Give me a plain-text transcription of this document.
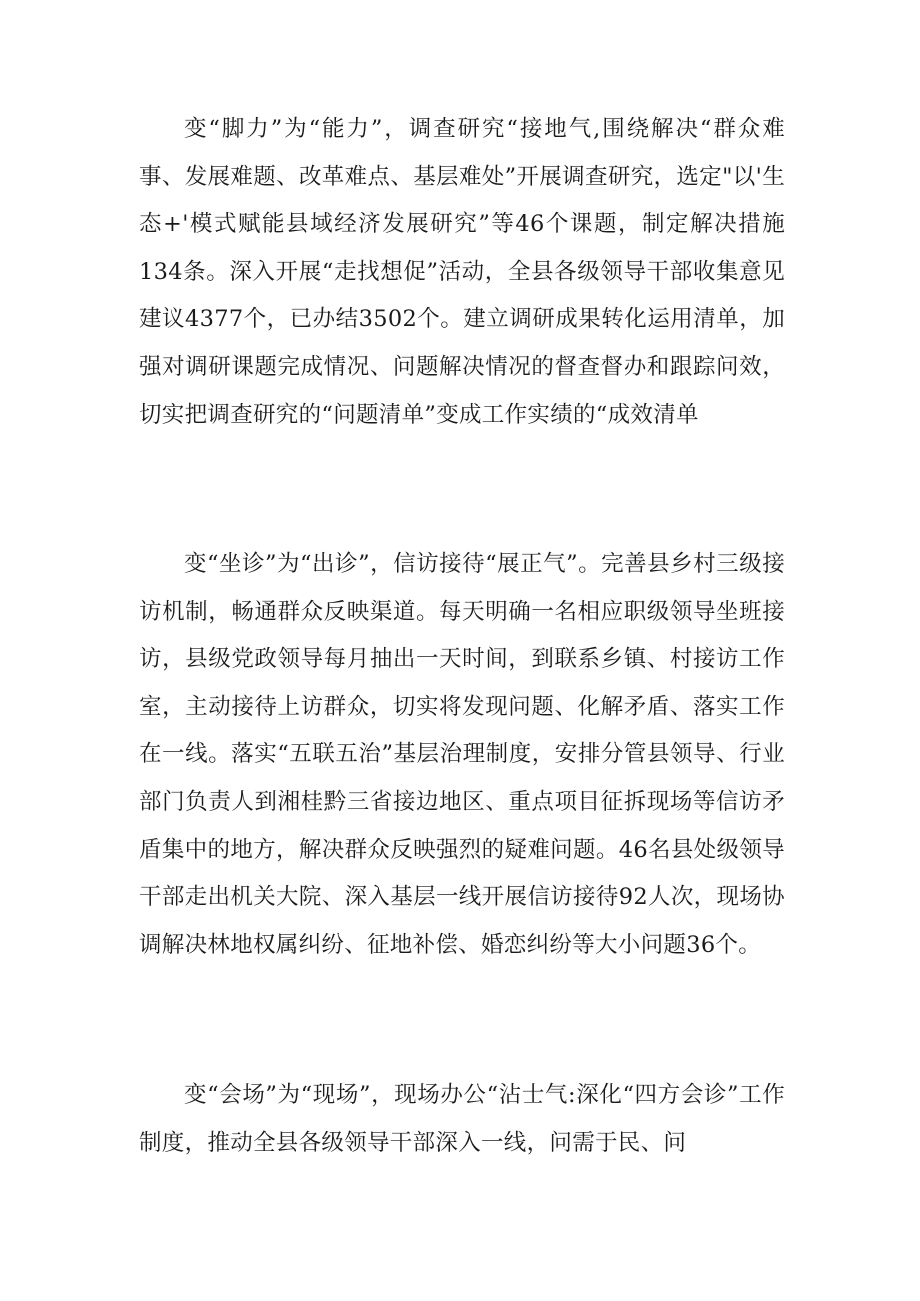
变“脚力”为“能力”，调查研究“接地气,围绕解决“群众难事、发展难题、改革难点、基层难处”开展调查研究，选定"以'生态+'模式赋能县域经济发展研究”等46个课题，制定解决措施134条。深入开展“走找想促”活动，全县各级领导干部收集意见建议4377个，已办结3502个。建立调研成果转化运用清单，加强对调研课题完成情况、问题解决情况的督查督办和跟踪问效，切实把调查研究的“问题清单”变成工作实绩的“成效清单

变“坐诊”为“出诊”，信访接待“展正气”。完善县乡村三级接访机制，畅通群众反映渠道。每天明确一名相应职级领导坐班接访，县级党政领导每月抽出一天时间，到联系乡镇、村接访工作室，主动接待上访群众，切实将发现问题、化解矛盾、落实工作在一线。落实“五联五治”基层治理制度，安排分管县领导、行业部门负责人到湘桂黔三省接边地区、重点项目征拆现场等信访矛盾集中的地方，解决群众反映强烈的疑难问题。46名县处级领导干部走出机关大院、深入基层一线开展信访接待92人次，现场协调解决林地权属纠纷、征地补偿、婚恋纠纷等大小问题36个。

变“会场”为“现场”，现场办公“沾士气:深化“四方会诊”工作制度，推动全县各级领导干部深入一线，问需于民、问
